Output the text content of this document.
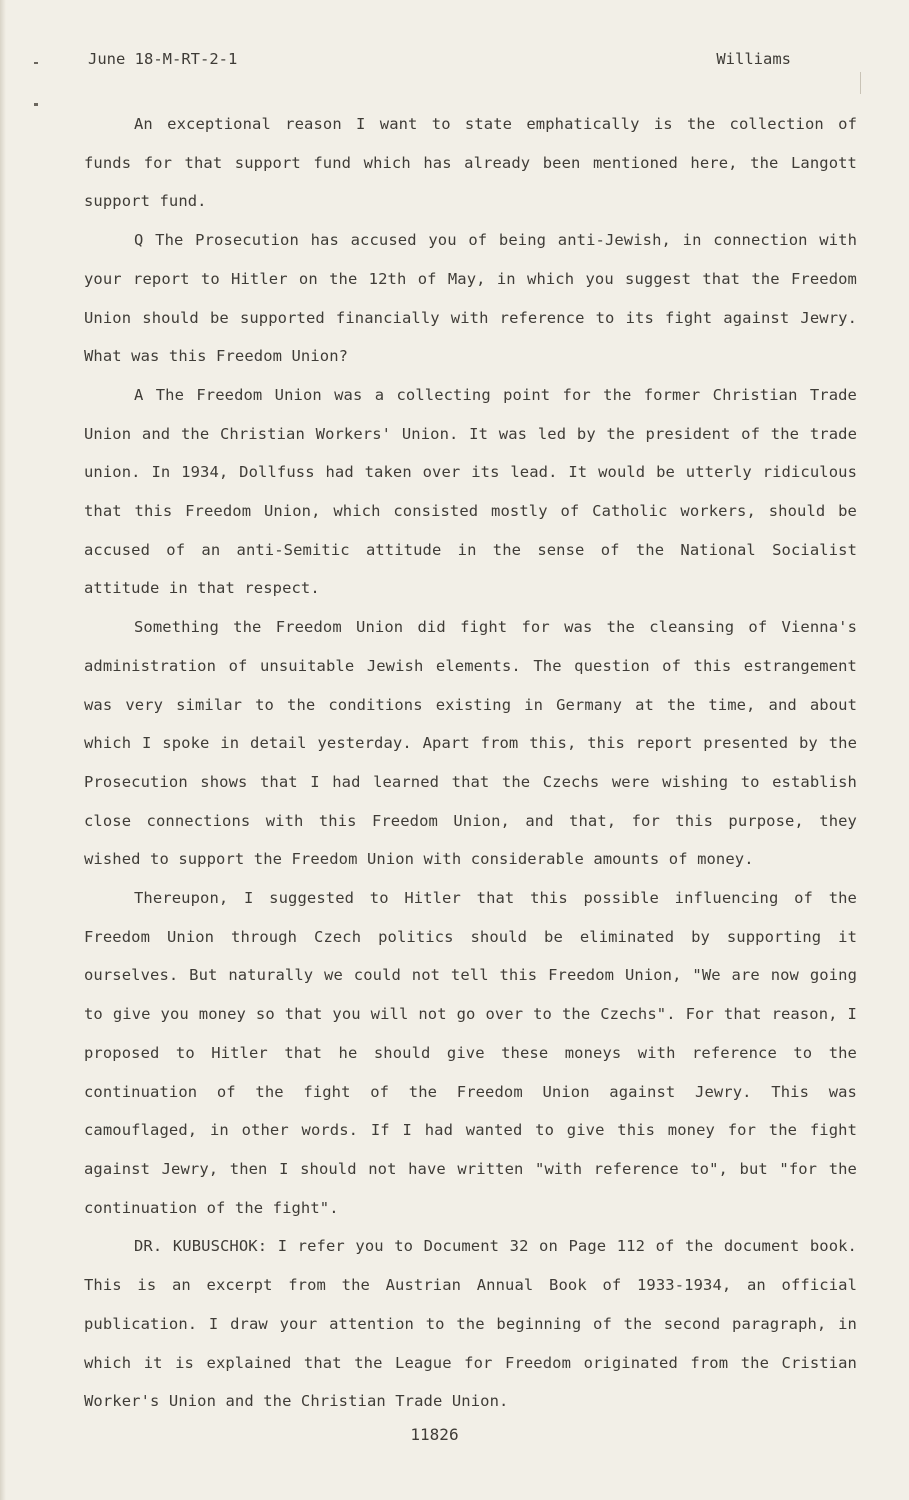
June 18-M-RT-2-1	Williams

An exceptional reason I want to state emphatically is the collection of funds for that support fund which has already been mentioned here, the Langott support fund.

Q The Prosecution has accused you of being anti-Jewish, in connection with your report to Hitler on the 12th of May, in which you suggest that the Freedom Union should be supported financially with reference to its fight against Jewry. What was this Freedom Union?

A The Freedom Union was a collecting point for the former Christian Trade Union and the Christian Workers' Union. It was led by the president of the trade union. In 1934, Dollfuss had taken over its lead. It would be utterly ridiculous that this Freedom Union, which consisted mostly of Catholic workers, should be accused of an anti-Semitic attitude in the sense of the National Socialist attitude in that respect.

Something the Freedom Union did fight for was the cleansing of Vienna's administration of unsuitable Jewish elements. The question of this estrangement was very similar to the conditions existing in Germany at the time, and about which I spoke in detail yesterday. Apart from this, this report presented by the Prosecution shows that I had learned that the Czechs were wishing to establish close connections with this Freedom Union, and that, for this purpose, they wished to support the Freedom Union with considerable amounts of money.

Thereupon, I suggested to Hitler that this possible influencing of the Freedom Union through Czech politics should be eliminated by supporting it ourselves. But naturally we could not tell this Freedom Union, "We are now going to give you money so that you will not go over to the Czechs". For that reason, I proposed to Hitler that he should give these moneys with reference to the continuation of the fight of the Freedom Union against Jewry. This was camouflaged, in other words. If I had wanted to give this money for the fight against Jewry, then I should not have written "with reference to", but "for the continuation of the fight".

DR. KUBUSCHOK: I refer you to Document 32 on Page 112 of the document book. This is an excerpt from the Austrian Annual Book of 1933-1934, an official publication. I draw your attention to the beginning of the second paragraph, in which it is explained that the League for Freedom originated from the Cristian Worker's Union and the Christian Trade Union.

11826
